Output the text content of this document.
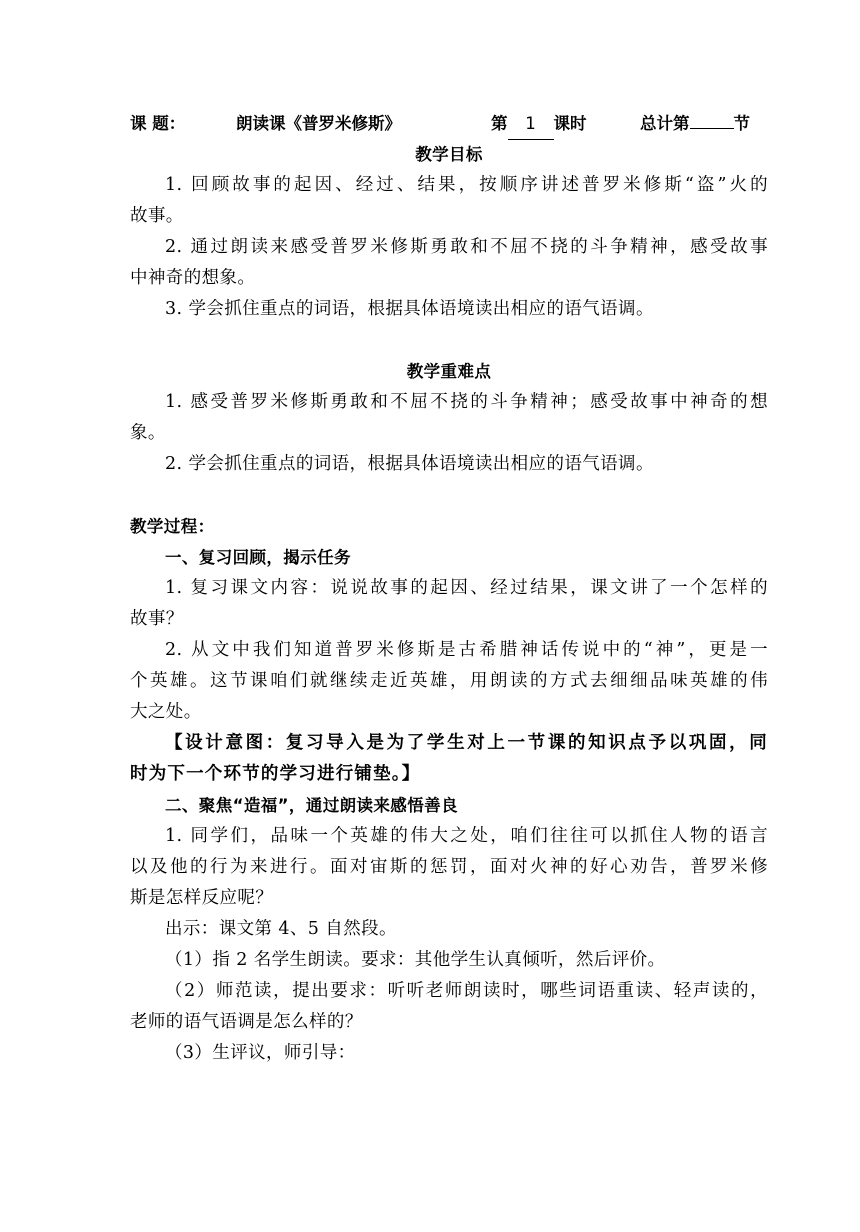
课 题：	朗读课《普罗米修斯》	第 1 课时	总计第	节
教学目标
1. 回顾故事的起因、经过、结果，按顺序讲述普罗米修斯“盗”火的
故事。
2. 通过朗读来感受普罗米修斯勇敢和不屈不挠的斗争精神，感受故事
中神奇的想象。
3. 学会抓住重点的词语，根据具体语境读出相应的语气语调。
教学重难点
1. 感受普罗米修斯勇敢和不屈不挠的斗争精神；感受故事中神奇的想
象。
2. 学会抓住重点的词语，根据具体语境读出相应的语气语调。
教学过程：
一、复习回顾，揭示任务
1. 复习课文内容：说说故事的起因、经过结果，课文讲了一个怎样的
故事？
2. 从文中我们知道普罗米修斯是古希腊神话传说中的“神”，更是一
个英雄。这节课咱们就继续走近英雄，用朗读的方式去细细品味英雄的伟
大之处。
【设计意图：复习导入是为了学生对上一节课的知识点予以巩固，同
时为下一个环节的学习进行铺垫。】
二、聚焦“造福”，通过朗读来感悟善良
1. 同学们，品味一个英雄的伟大之处，咱们往往可以抓住人物的语言
以及他的行为来进行。面对宙斯的惩罚，面对火神的好心劝告，普罗米修
斯是怎样反应呢？
出示：课文第 4、5 自然段。
（1）指 2 名学生朗读。要求：其他学生认真倾听，然后评价。
（2）师范读，提出要求：听听老师朗读时，哪些词语重读、轻声读的，
老师的语气语调是怎么样的？
（3）生评议，师引导：
